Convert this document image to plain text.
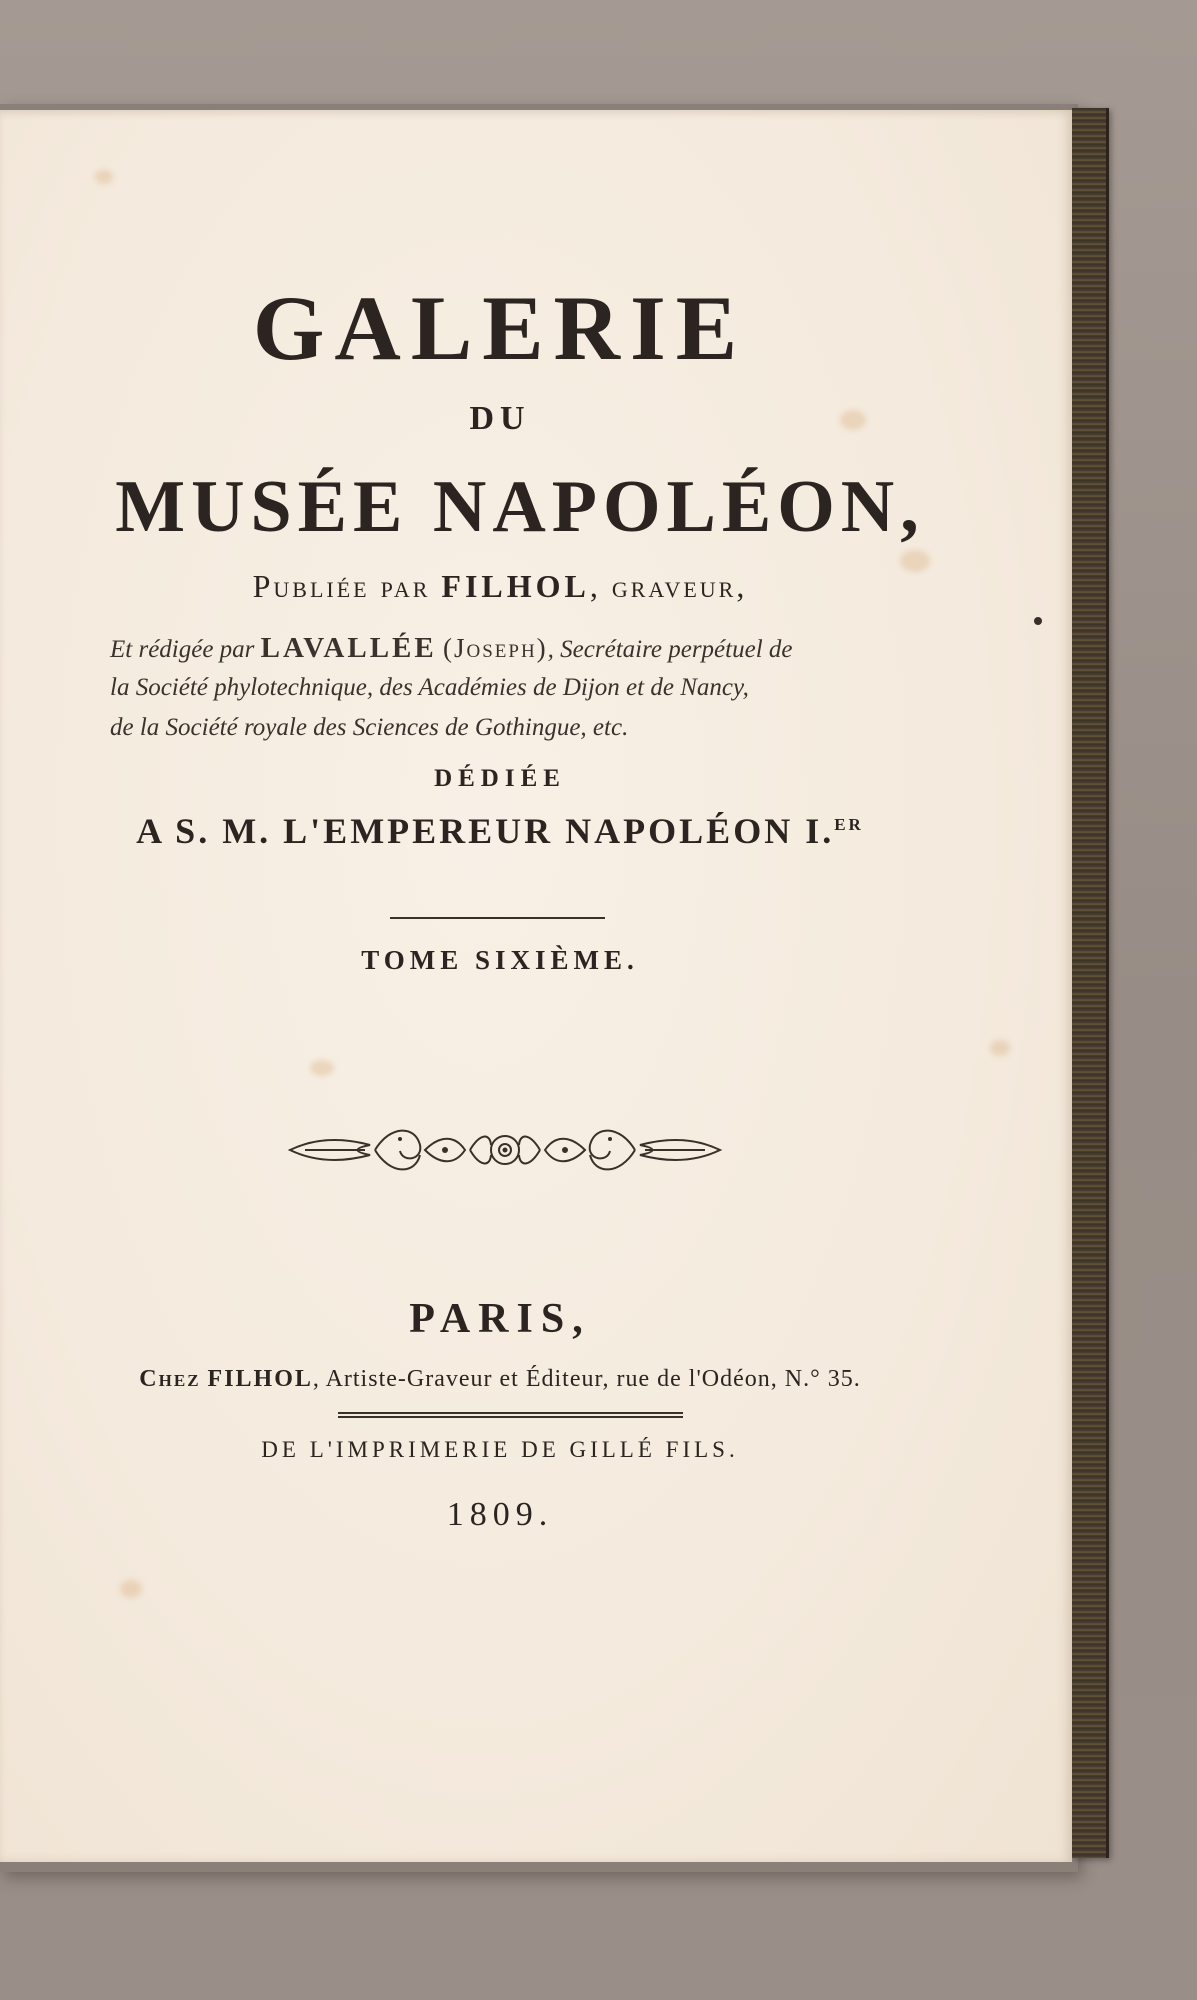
GALERIE
DU
MUSÉE NAPOLÉON,
Publiée par FILHOL, graveur,
Et rédigée par LAVALLÉE (Joseph), Secrétaire perpétuel de
la Société phylotechnique, des Académies de Dijon et de Nancy,
de la Société royale des Sciences de Gothingue, etc.
DÉDIÉE
A S. M. L'EMPEREUR NAPOLÉON I.$^{ER}$
TOME SIXIÈME.
PARIS,
Chez FILHOL, Artiste-Graveur et Éditeur, rue de l'Odéon, N.° 35.
DE L'IMPRIMERIE DE GILLÉ FILS.
1809.
